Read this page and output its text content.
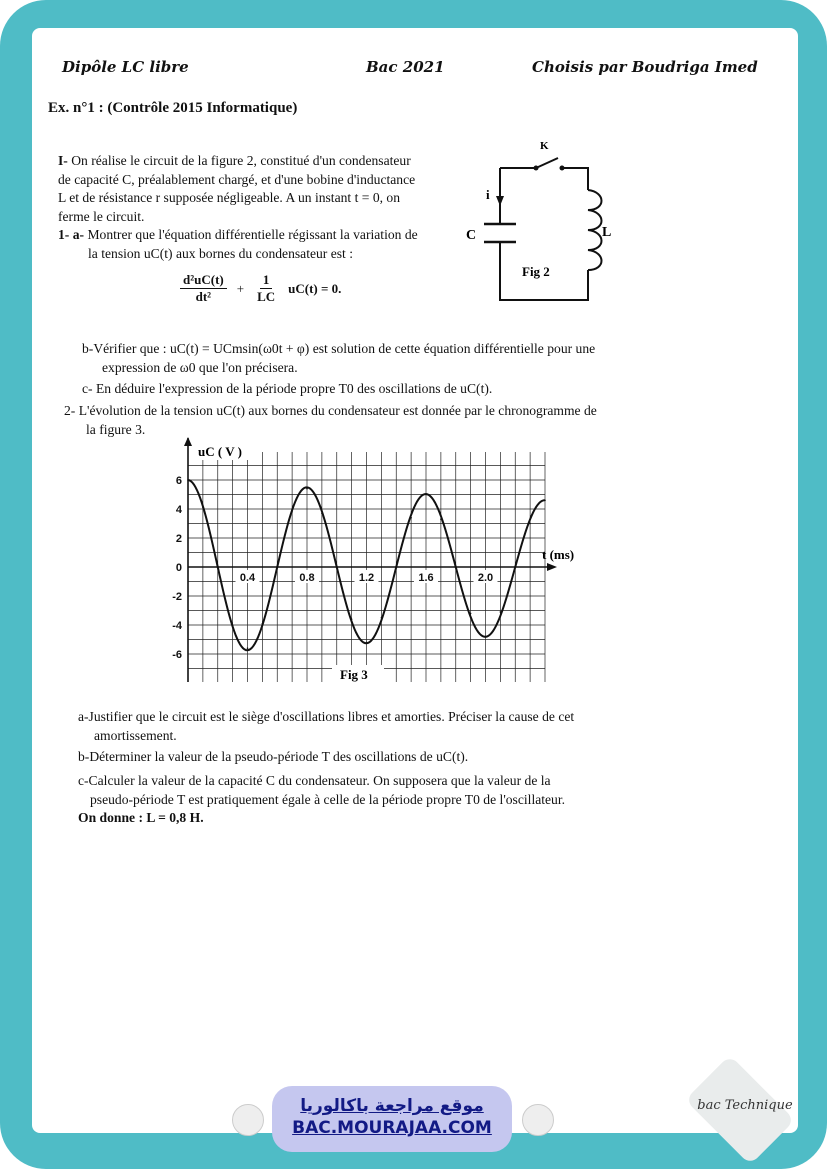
Dipôle LC libre	Bac 2021	Choisis par Boudriga Imed
Ex. n°1 : (Contrôle 2015 Informatique)
I- On réalise le circuit de la figure 2, constitué d'un condensateur
de capacité C, préalablement chargé, et d'une bobine d'inductance
L et de résistance r supposée négligeable. A un instant t = 0, on
ferme le circuit.
1- a- Montrer que l'équation différentielle régissant la variation de
la tension uC(t) aux bornes du condensateur est :
$\frac{\text{d²uC(t)}}{\text{dt²}} + \frac{1}{LC} uC(t) = 0$.
K
i
C	L
Fig 2
b-Vérifier que : uC(t) = UCmsin(ω0t + φ) est solution de cette équation différentielle pour une
expression de ω0 que l'on précisera.
c- En déduire l'expression de la période propre T0 des oscillations de uC(t).
2- L'évolution de la tension uC(t) aux bornes du condensateur est donnée par le chronogramme de
la figure 3.
6
4
2
0
-2
-4
-6
0.4	0.8	1.2	1.6	2.0
uC ( V )
t (ms)
Fig 3
a-Justifier que le circuit est le siège d'oscillations libres et amorties. Préciser la cause de cet
amortissement.
b-Déterminer la valeur de la pseudo-période T des oscillations de uC(t).
c-Calculer la valeur de la capacité C du condensateur. On supposera que la valeur de la
pseudo-période T est pratiquement égale à celle de la période propre T0 de l'oscillateur.
On donne : L = 0,8 H.
موقع مراجعة باكالوريا
BAC.MOURAJAA.COM
bac Technique
